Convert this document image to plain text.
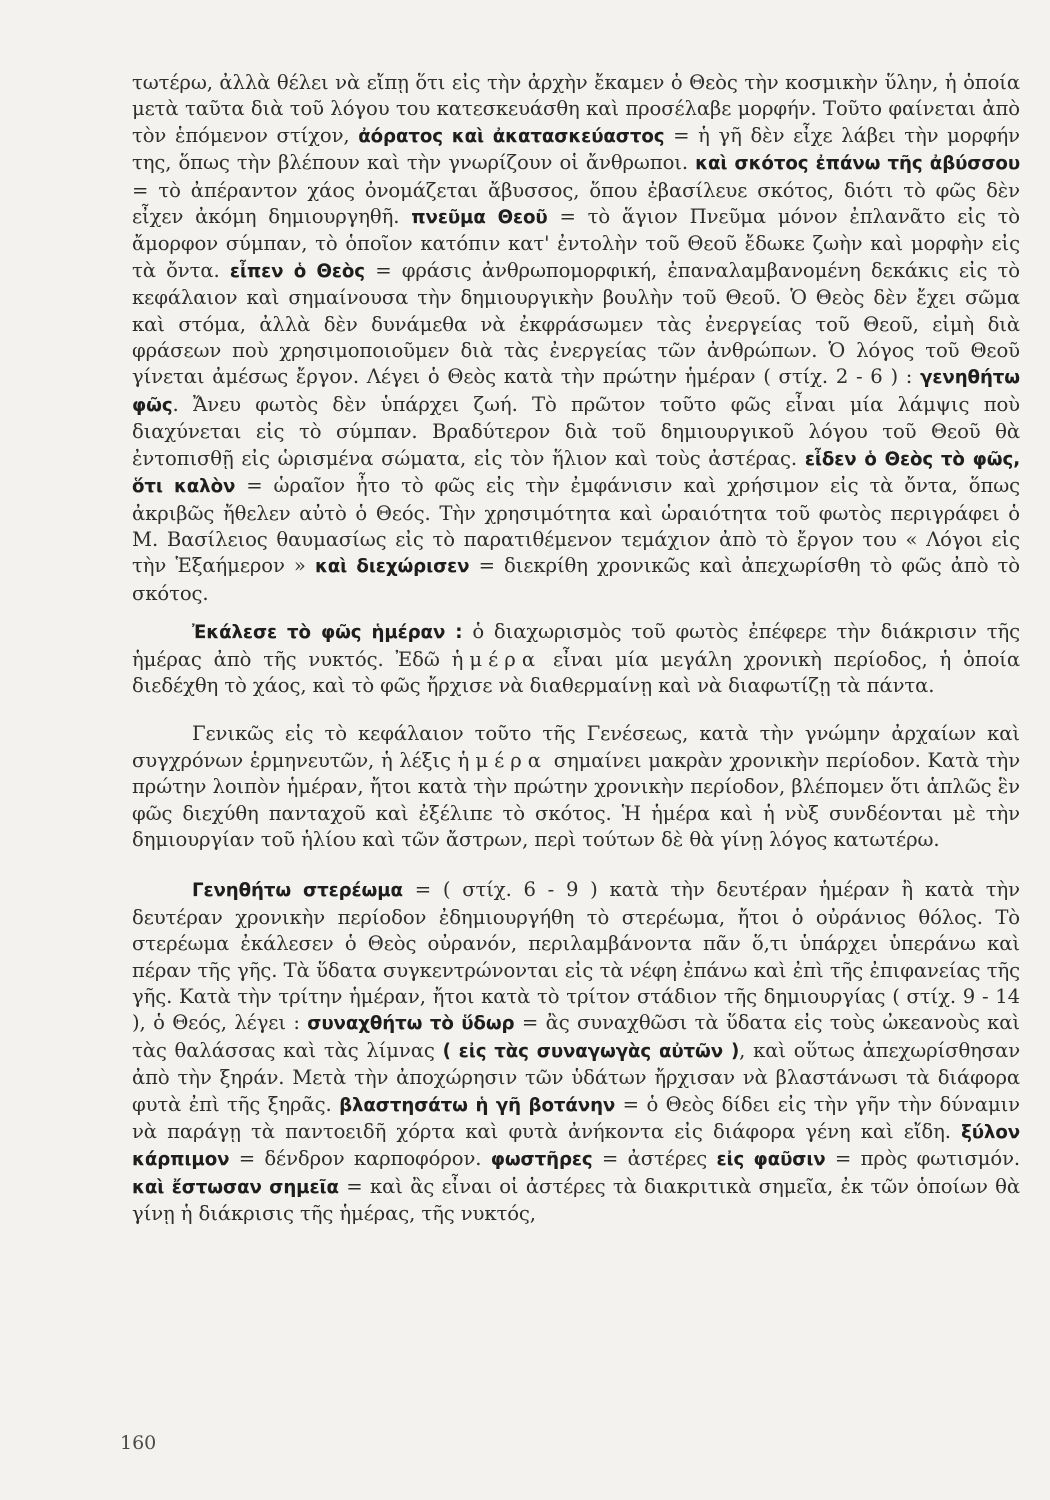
τωτέρω, ἀλλὰ θέλει νὰ εἴπῃ ὅτι εἰς τὴν ἀρχὴν ἔκαμεν ὁ Θεὸς τὴν κοσμικὴν ὕλην, ἡ ὁποία μετὰ ταῦτα διὰ τοῦ λόγου του κατεσκευάσθη καὶ προσέλαβε μορφήν. Τοῦτο φαίνεται ἀπὸ τὸν ἑπόμενον στίχον, ἀόρατος καὶ ἀκατασκεύαστος = ἡ γῆ δὲν εἶχε λάβει τὴν μορφήν της, ὅπως τὴν βλέπουν καὶ τὴν γνωρίζουν οἱ ἄνθρωποι. καὶ σκότος ἐπάνω τῆς ἀβύσσου = τὸ ἀπέραντον χάος ὀνομάζεται ἄβυσσος, ὅπου ἐβασίλευε σκότος, διότι τὸ φῶς δὲν εἶχεν ἀκόμη δημιουργηθῆ. πνεῦμα Θεοῦ = τὸ ἅγιον Πνεῦμα μόνον ἐπλανᾶτο εἰς τὸ ἄμορφον σύμπαν, τὸ ὁποῖον κατόπιν κατ' ἐντολὴν τοῦ Θεοῦ ἔδωκε ζωὴν καὶ μορφὴν εἰς τὰ ὄντα. εἶπεν ὁ Θεὸς = φράσις ἀνθρωπομορφική, ἐπαναλαμβανομένη δεκάκις εἰς τὸ κεφάλαιον καὶ σημαίνουσα τὴν δημιουργικὴν βουλὴν τοῦ Θεοῦ. Ὁ Θεὸς δὲν ἔχει σῶμα καὶ στόμα, ἀλλὰ δὲν δυνάμεθα νὰ ἐκφράσωμεν τὰς ἐνεργείας τοῦ Θεοῦ, εἰμὴ διὰ φράσεων ποὺ χρησιμοποιοῦμεν διὰ τὰς ἐνεργείας τῶν ἀνθρώπων. Ὁ λόγος τοῦ Θεοῦ γίνεται ἀμέσως ἔργον. Λέγει ὁ Θεὸς κατὰ τὴν πρώτην ἡμέραν ( στίχ. 2 - 6 ) : γενηθήτω φῶς. Ἄνευ φωτὸς δὲν ὑπάρχει ζωή. Τὸ πρῶτον τοῦτο φῶς εἶναι μία λάμψις ποὺ διαχύνεται εἰς τὸ σύμπαν. Βραδύτερον διὰ τοῦ δημιουργικοῦ λόγου τοῦ Θεοῦ θὰ ἐντοπισθῇ εἰς ὡρισμένα σώματα, εἰς τὸν ἥλιον καὶ τοὺς ἀστέρας. εἶδεν ὁ Θεὸς τὸ φῶς, ὅτι καλὸν = ὡραῖον ἦτο τὸ φῶς εἰς τὴν ἐμφάνισιν καὶ χρήσιμον εἰς τὰ ὄντα, ὅπως ἀκριβῶς ἤθελεν αὐτὸ ὁ Θεός. Τὴν χρησιμότητα καὶ ὡραιότητα τοῦ φωτὸς περιγράφει ὁ Μ. Βασίλειος θαυμασίως εἰς τὸ παρατιθέμενον τεμάχιον ἀπὸ τὸ ἔργον του « Λόγοι εἰς τὴν Ἑξαήμερον » καὶ διεχώρισεν = διεκρίθη χρονικῶς καὶ ἀπεχωρίσθη τὸ φῶς ἀπὸ τὸ σκότος.

Ἐκάλεσε τὸ φῶς ἡμέραν : ὁ διαχωρισμὸς τοῦ φωτὸς ἐπέφερε τὴν διάκρισιν τῆς ἡμέρας ἀπὸ τῆς νυκτός. Ἐδῶ ἡμέρα εἶναι μία μεγάλη χρονικὴ περίοδος, ἡ ὁποία διεδέχθη τὸ χάος, καὶ τὸ φῶς ἤρχισε νὰ διαθερμαίνῃ καὶ νὰ διαφωτίζῃ τὰ πάντα.

Γενικῶς εἰς τὸ κεφάλαιον τοῦτο τῆς Γενέσεως, κατὰ τὴν γνώμην ἀρχαίων καὶ συγχρόνων ἑρμηνευτῶν, ἡ λέξις ἡμέρα σημαίνει μακρὰν χρονικὴν περίοδον. Κατὰ τὴν πρώτην λοιπὸν ἡμέραν, ἤτοι κατὰ τὴν πρώτην χρονικὴν περίοδον, βλέπομεν ὅτι ἁπλῶς ἓν φῶς διεχύθη πανταχοῦ καὶ ἐξέλιπε τὸ σκότος. Ἡ ἡμέρα καὶ ἡ νὺξ συνδέονται μὲ τὴν δημιουργίαν τοῦ ἡλίου καὶ τῶν ἄστρων, περὶ τούτων δὲ θὰ γίνῃ λόγος κατωτέρω.

Γενηθήτω στερέωμα = ( στίχ. 6 - 9 ) κατὰ τὴν δευτέραν ἡμέραν ἢ κατὰ τὴν δευτέραν χρονικὴν περίοδον ἐδημιουργήθη τὸ στερέωμα, ἤτοι ὁ οὐράνιος θόλος. Τὸ στερέωμα ἐκάλεσεν ὁ Θεὸς οὐρανόν, περιλαμβάνοντα πᾶν ὅ,τι ὑπάρχει ὑπεράνω καὶ πέραν τῆς γῆς. Τὰ ὕδατα συγκεντρώνονται εἰς τὰ νέφη ἐπάνω καὶ ἐπὶ τῆς ἐπιφανείας τῆς γῆς. Κατὰ τὴν τρίτην ἡμέραν, ἤτοι κατὰ τὸ τρίτον στάδιον τῆς δημιουργίας ( στίχ. 9 - 14 ), ὁ Θεός, λέγει : συναχθήτω τὸ ὕδωρ = ἂς συναχθῶσι τὰ ὕδατα εἰς τοὺς ὠκεανοὺς καὶ τὰς θαλάσσας καὶ τὰς λίμνας ( εἰς τὰς συναγωγὰς αὐτῶν ), καὶ οὕτως ἀπεχωρίσθησαν ἀπὸ τὴν ξηράν. Μετὰ τὴν ἀποχώρησιν τῶν ὑδάτων ἤρχισαν νὰ βλαστάνωσι τὰ διάφορα φυτὰ ἐπὶ τῆς ξηρᾶς. βλαστησάτω ἡ γῆ βοτάνην = ὁ Θεὸς δίδει εἰς τὴν γῆν τὴν δύναμιν νὰ παράγῃ τὰ παντοειδῆ χόρτα καὶ φυτὰ ἀνήκοντα εἰς διάφορα γένη καὶ εἴδη. ξύλον κάρπιμον = δένδρον καρποφόρον. φωστῆρες = ἀστέρες εἰς φαῦσιν = πρὸς φωτισμόν. καὶ ἔστωσαν σημεῖα = καὶ ἂς εἶναι οἱ ἀστέρες τὰ διακριτικὰ σημεῖα, ἐκ τῶν ὁποίων θὰ γίνῃ ἡ διάκρισις τῆς ἡμέρας, τῆς νυκτός,

160
